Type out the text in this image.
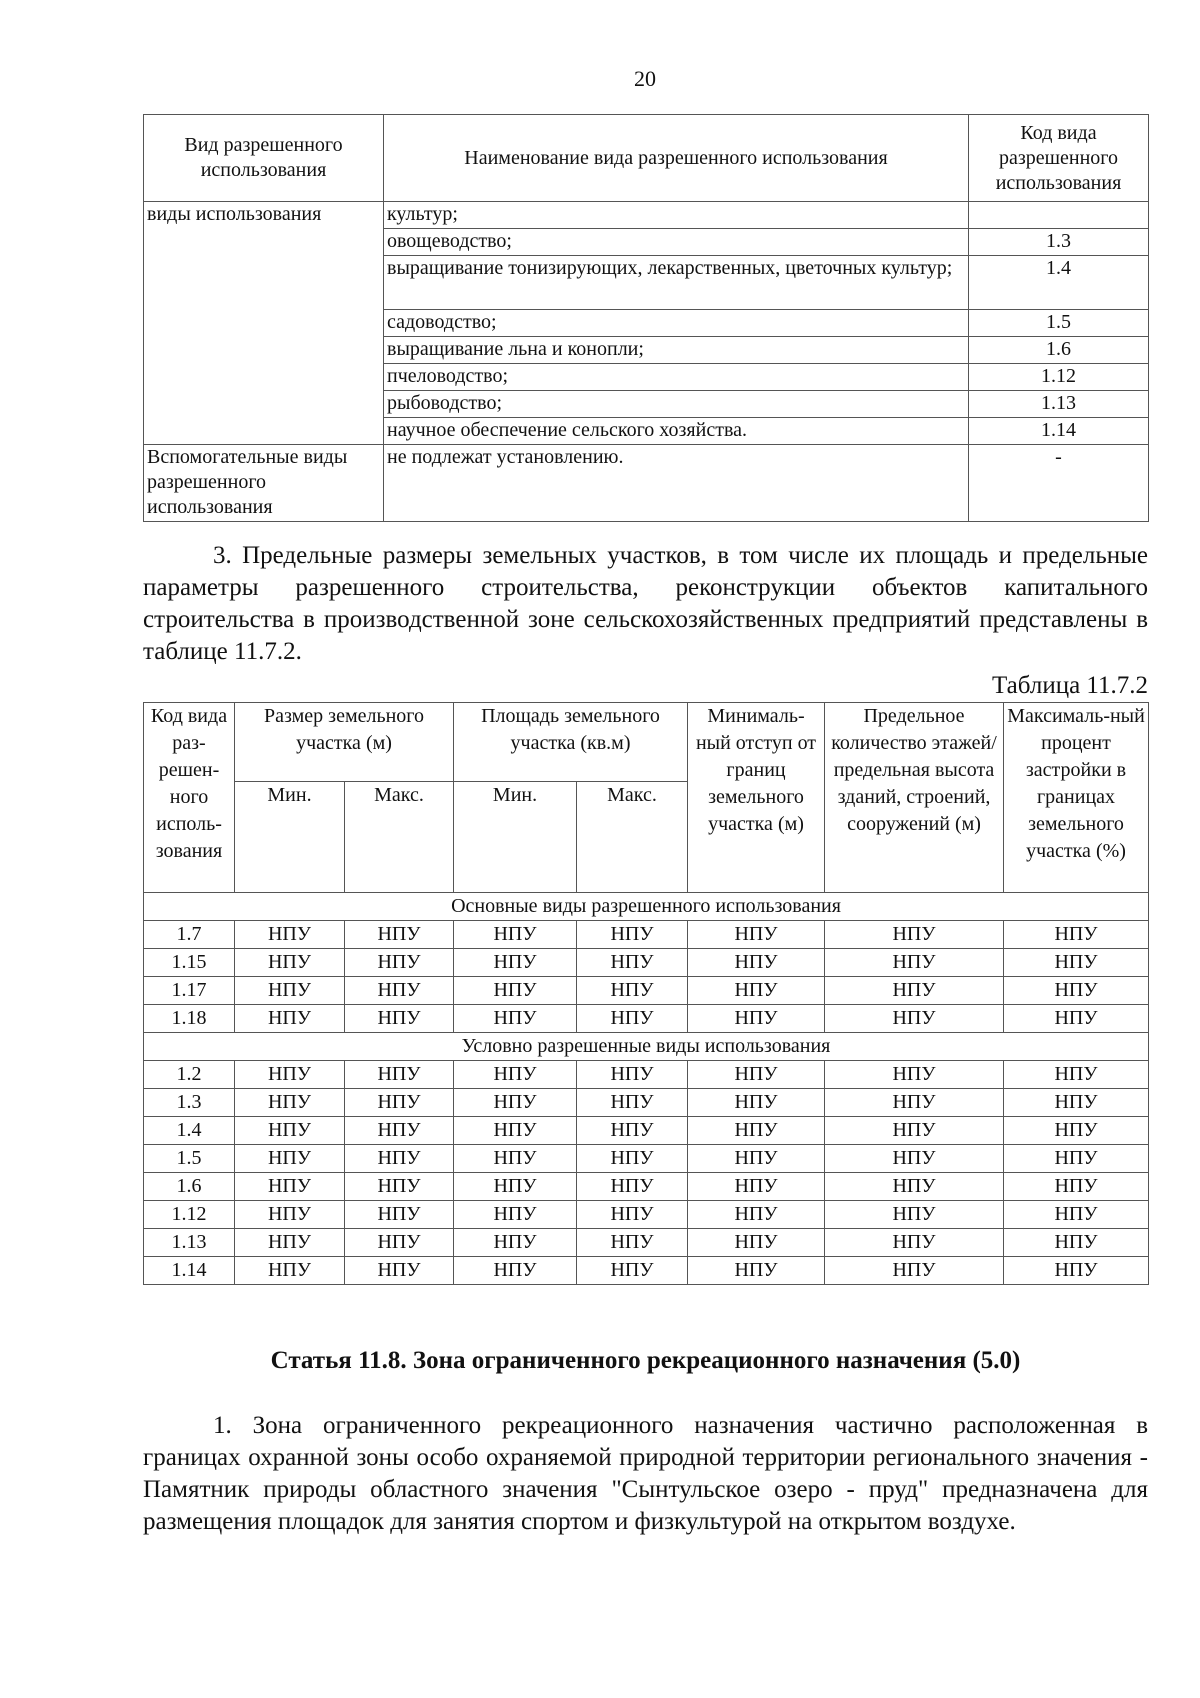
20
Вид разрешенного использования	Наименование вида разрешенного использования	Код вида разрешенного использования
виды использования	культур;	
	овощеводство;	1.3
	выращивание тонизирующих, лекарственных, цветочных культур;	1.4
	садоводство;	1.5
	выращивание льна и конопли;	1.6
	пчеловодство;	1.12
	рыбоводство;	1.13
	научное обеспечение сельского хозяйства.	1.14
Вспомогательные виды разрешенного использования	не подлежат установлению.	-

3. Предельные размеры земельных участков, в том числе их площадь и предельные параметры разрешенного строительства, реконструкции объектов капитального строительства в производственной зоне сельскохозяйственных предприятий представлены в таблице 11.7.2.

Таблица 11.7.2
Код вида раз-решен-ного исполь-зования	Размер земельного участка (м)		Площадь земельного участка (кв.м)		Минималь-ный отступ от границ земельного участка (м)	Предельное количество этажей/ предельная высота зданий, строений, сооружений (м)	Максималь-ный процент застройки в границах земельного участка (%)
	Мин.	Макс.	Мин.	Макс.			
Основные виды разрешенного использования							
1.7	НПУ	НПУ	НПУ	НПУ	НПУ	НПУ	НПУ
1.15	НПУ	НПУ	НПУ	НПУ	НПУ	НПУ	НПУ
1.17	НПУ	НПУ	НПУ	НПУ	НПУ	НПУ	НПУ
1.18	НПУ	НПУ	НПУ	НПУ	НПУ	НПУ	НПУ
Условно разрешенные виды использования							
1.2	НПУ	НПУ	НПУ	НПУ	НПУ	НПУ	НПУ
1.3	НПУ	НПУ	НПУ	НПУ	НПУ	НПУ	НПУ
1.4	НПУ	НПУ	НПУ	НПУ	НПУ	НПУ	НПУ
1.5	НПУ	НПУ	НПУ	НПУ	НПУ	НПУ	НПУ
1.6	НПУ	НПУ	НПУ	НПУ	НПУ	НПУ	НПУ
1.12	НПУ	НПУ	НПУ	НПУ	НПУ	НПУ	НПУ
1.13	НПУ	НПУ	НПУ	НПУ	НПУ	НПУ	НПУ
1.14	НПУ	НПУ	НПУ	НПУ	НПУ	НПУ	НПУ
Статья 11.8. Зона ограниченного рекреационного назначения (5.0)

1. Зона ограниченного рекреационного назначения частично расположенная в границах охранной зоны особо охраняемой природной территории регионального значения - Памятник природы областного значения "Сынтульское озеро - пруд" предназначена для размещения площадок для занятия спортом и физкультурой на открытом воздухе.
